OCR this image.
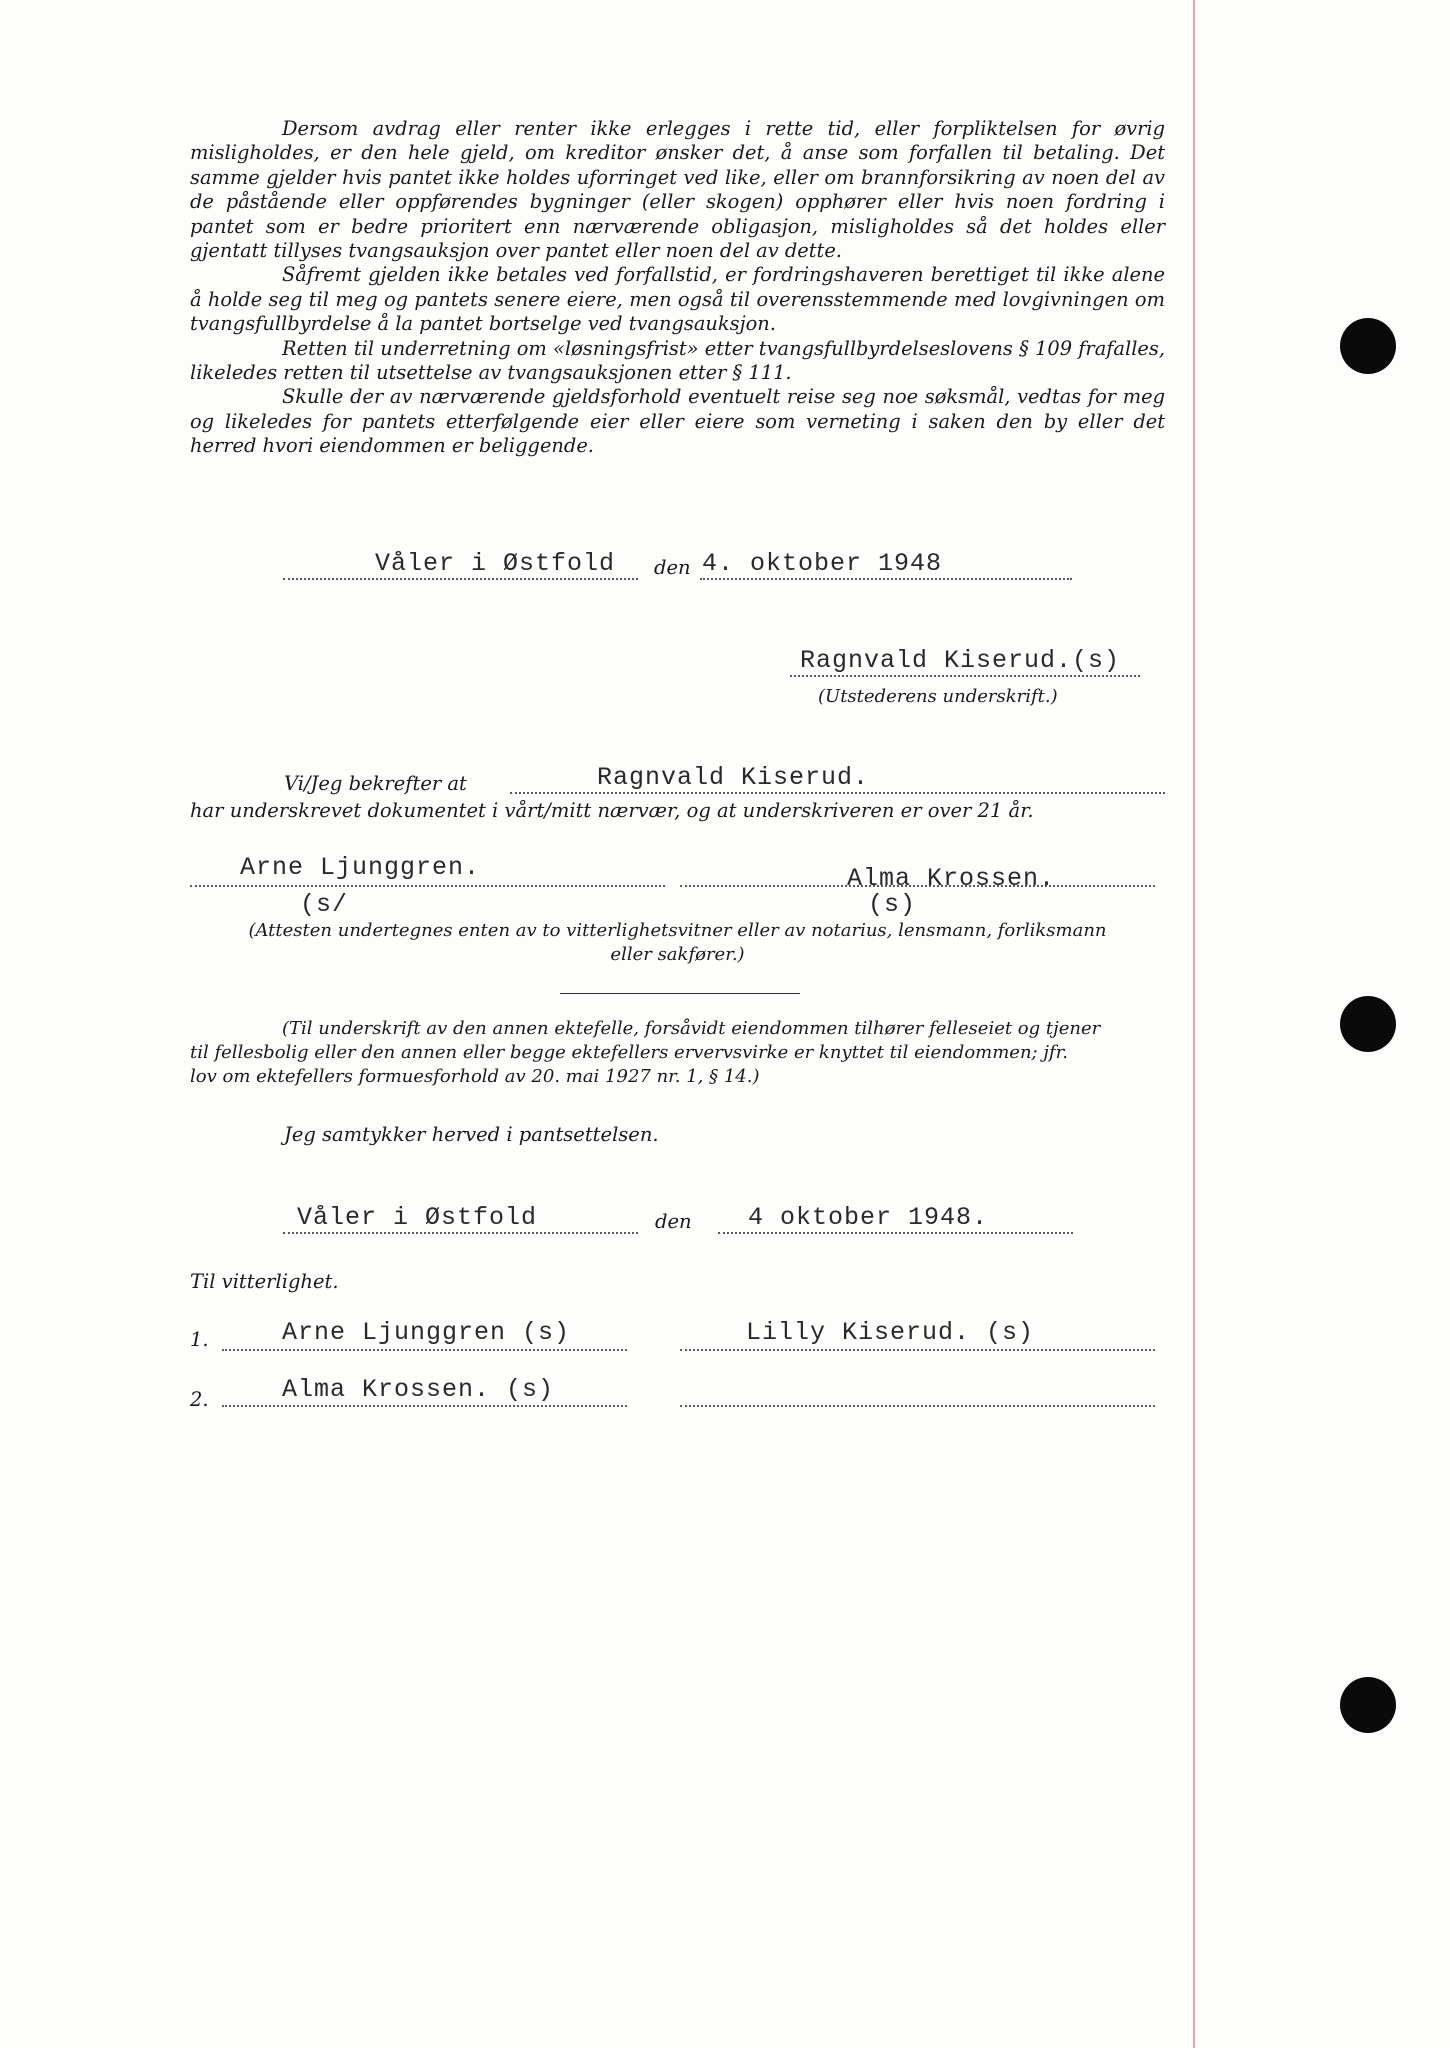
Dersom avdrag eller renter ikke erlegges i rette tid, eller forpliktelsen for øvrig misligholdes, er den hele gjeld, om kreditor ønsker det, å anse som forfallen til betaling. Det samme gjelder hvis pantet ikke holdes uforringet ved like, eller om brannforsikring av noen del av de påstående eller oppførendes bygninger (eller skogen) opphører eller hvis noen fordring i pantet som er bedre prioritert enn nærværende obligasjon, misligholdes så det holdes eller gjentatt tillyses tvangsauksjon over pantet eller noen del av dette.

Såfremt gjelden ikke betales ved forfallstid, er fordringshaveren berettiget til ikke alene å holde seg til meg og pantets senere eiere, men også til overensstemmende med lovgivningen om tvangsfullbyrdelse å la pantet bortselge ved tvangsauksjon.

Retten til underretning om «løsningsfrist» etter tvangsfullbyrdelseslovens § 109 frafalles, likeledes retten til utsettelse av tvangsauksjonen etter § 111.

Skulle der av nærværende gjeldsforhold eventuelt reise seg noe søksmål, vedtas for meg og likeledes for pantets etterfølgende eier eller eiere som verneting i saken den by eller det herred hvori eiendommen er beliggende.

Våler i Østfold den 4. oktober 1948
Ragnvald Kiserud.(s)
(Utstederens underskrift.)
Vi/Jeg bekrefter at	Ragnvald Kiserud.
har underskrevet dokumentet i vårt/mitt nærvær, og at underskriveren er over 21 år.
Arne Ljunggren.
(s/
Alma Krossen.
(s)
(Attesten undertegnes enten av to vitterlighetsvitner eller av notarius, lensmann, forliksmann
eller sakfører.)
(Til underskrift av den annen ektefelle, forsåvidt eiendommen tilhører felleseiet og tjener
til fellesbolig eller den annen eller begge ektefellers ervervsvirke er knyttet til eiendommen; jfr.
lov om ektefellers formuesforhold av 20. mai 1927 nr. 1, § 14.)
Jeg samtykker herved i pantsettelsen.
Våler i Østfold	den 4 oktober 1948.
Til vitterlighet.
1.	Arne Ljunggren (s)	Lilly Kiserud. (s)
2.	Alma Krossen. (s)
